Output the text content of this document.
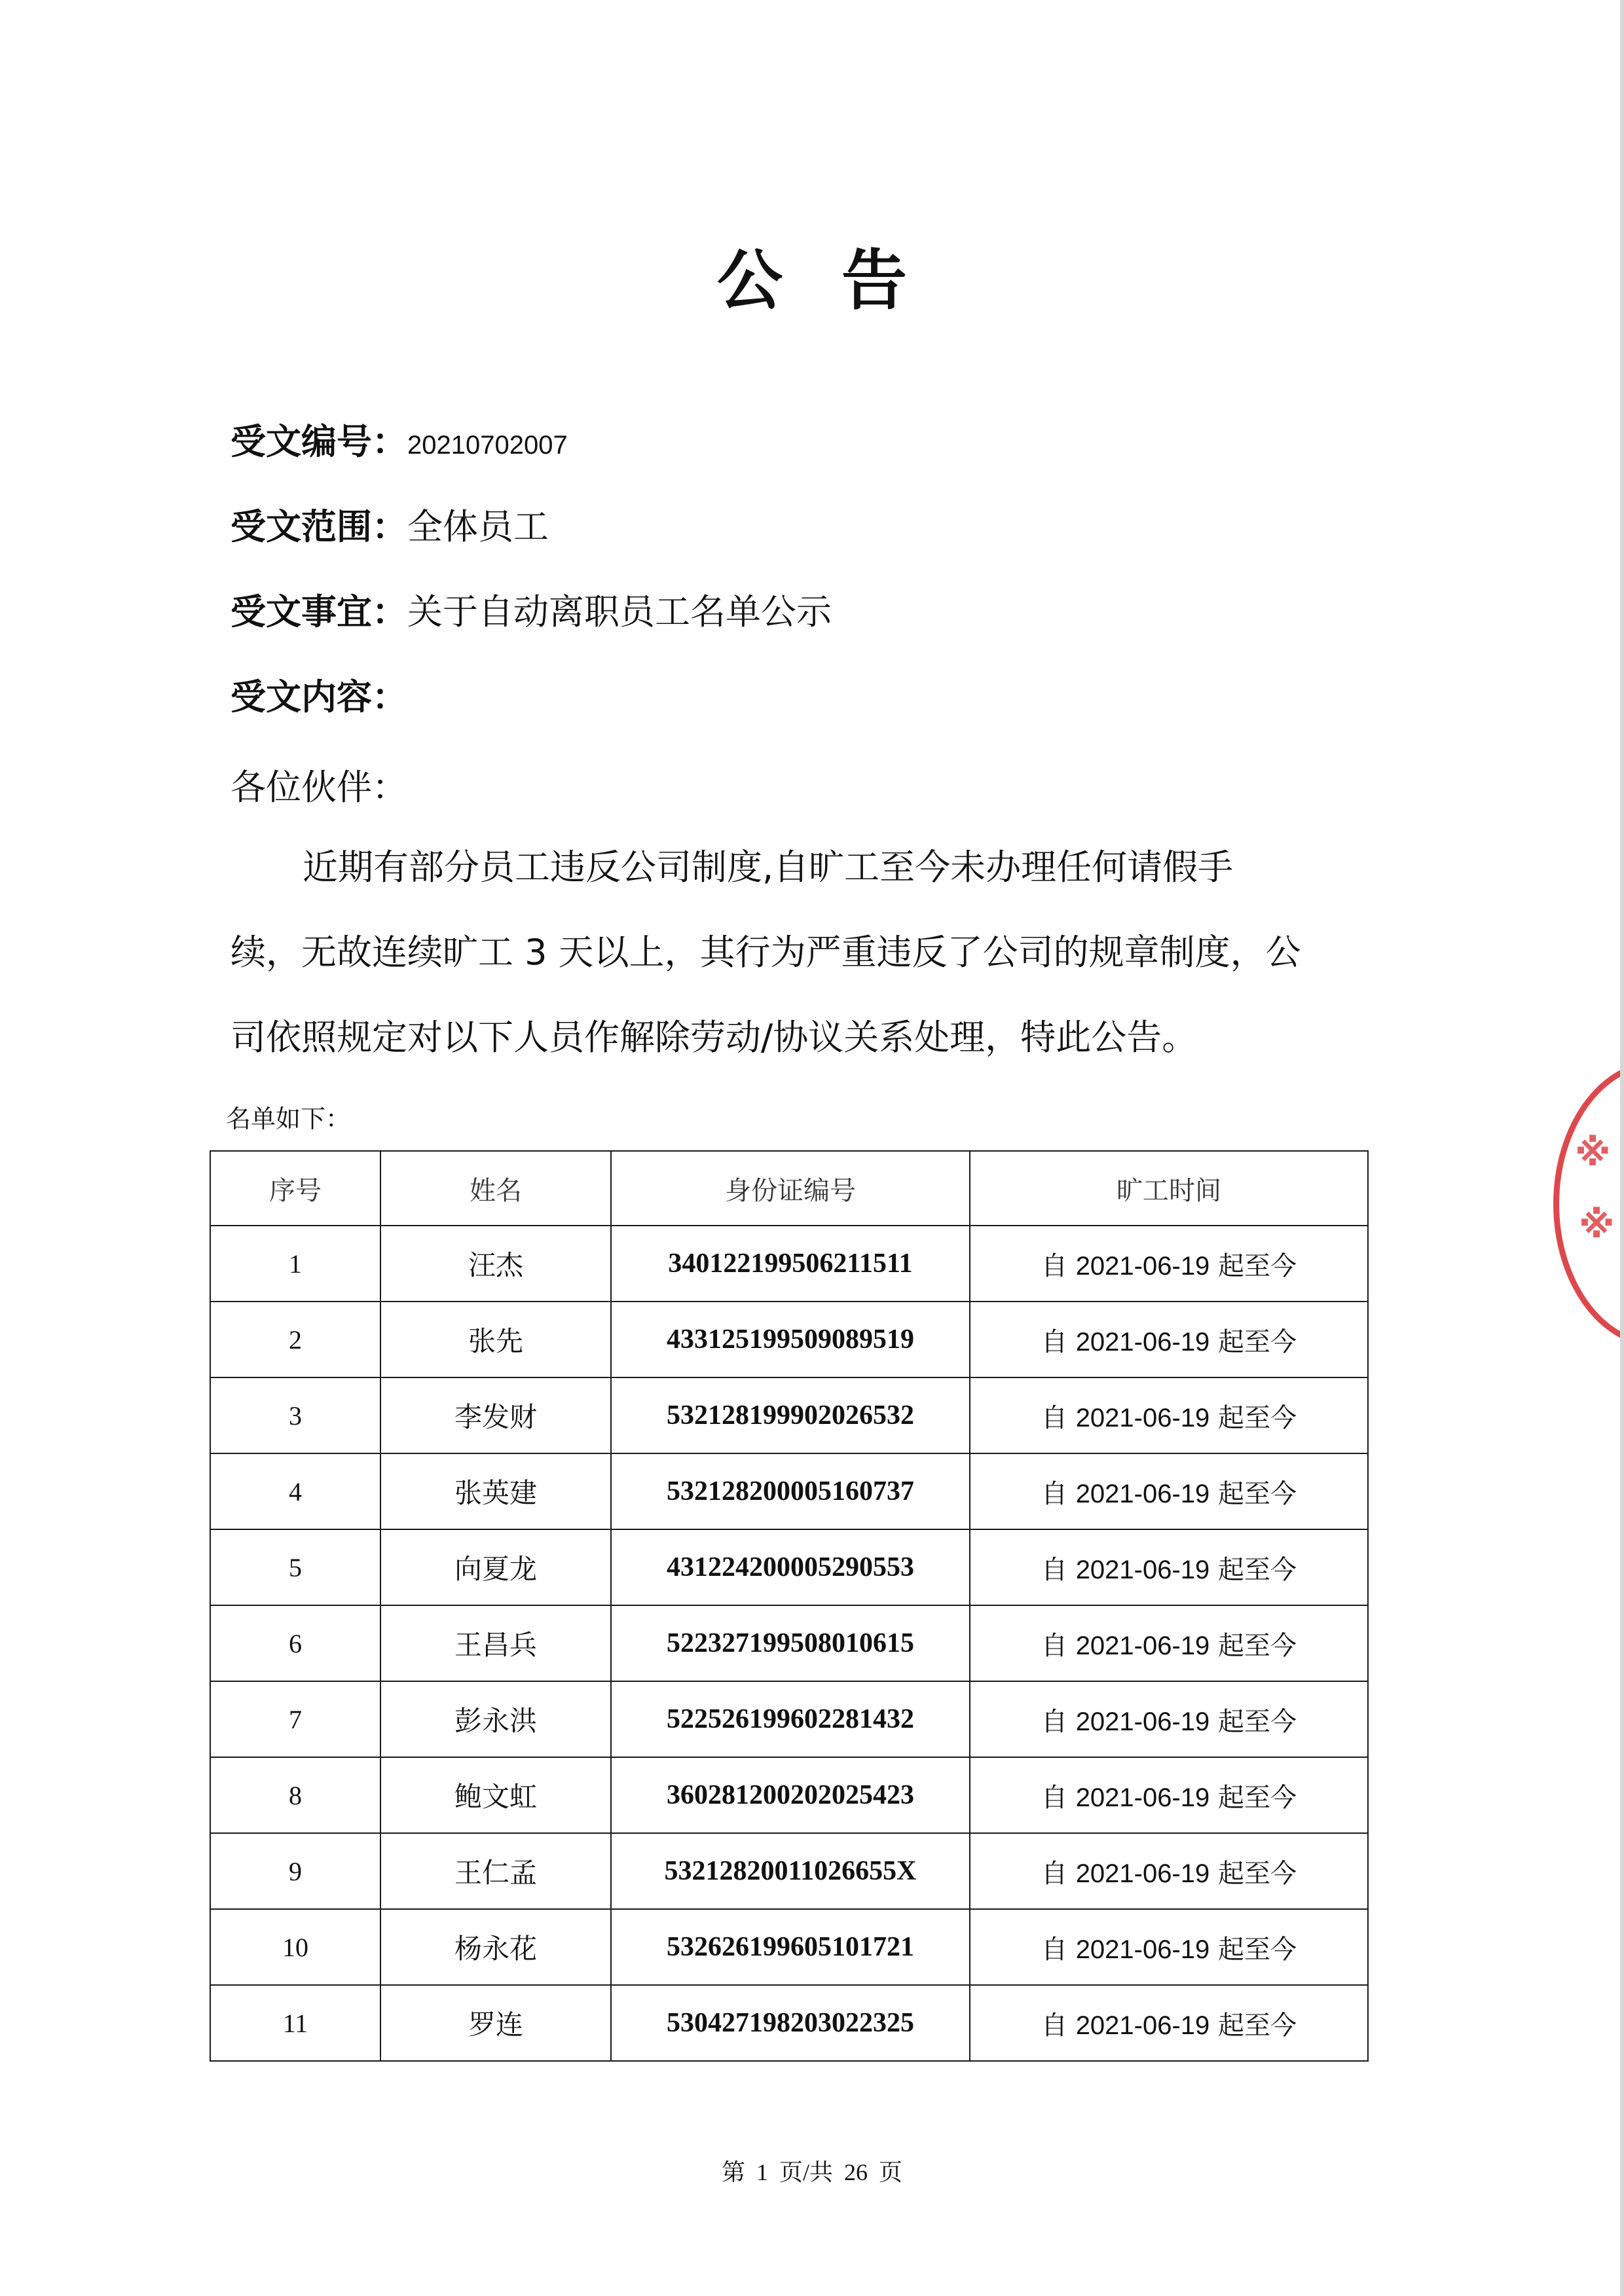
公告
受文编号：20210702007
受文范围：全体员工
受文事宜：关于自动离职员工名单公示
受文内容：
各位伙伴：
近期有部分员工违反公司制度,自旷工至今未办理任何请假手
续，无故连续旷工 3 天以上，其行为严重违反了公司的规章制度，公
司依照规定对以下人员作解除劳动/协议关系处理，特此公告。
名单如下：
序号	姓名	身份证编号	旷工时间
1	汪杰	340122199506211511	自 2021-06-19 起至今
2	张先	433125199509089519	自 2021-06-19 起至今
3	李发财	532128199902026532	自 2021-06-19 起至今
4	张英建	532128200005160737	自 2021-06-19 起至今
5	向夏龙	431224200005290553	自 2021-06-19 起至今
6	王昌兵	522327199508010615	自 2021-06-19 起至今
7	彭永洪	522526199602281432	自 2021-06-19 起至今
8	鲍文虹	360281200202025423	自 2021-06-19 起至今
9	王仁孟	53212820011026655X	自 2021-06-19 起至今
10	杨永花	532626199605101721	自 2021-06-19 起至今
11	罗连	530427198203022325	自 2021-06-19 起至今
第 1 页/共 26 页
※
※
